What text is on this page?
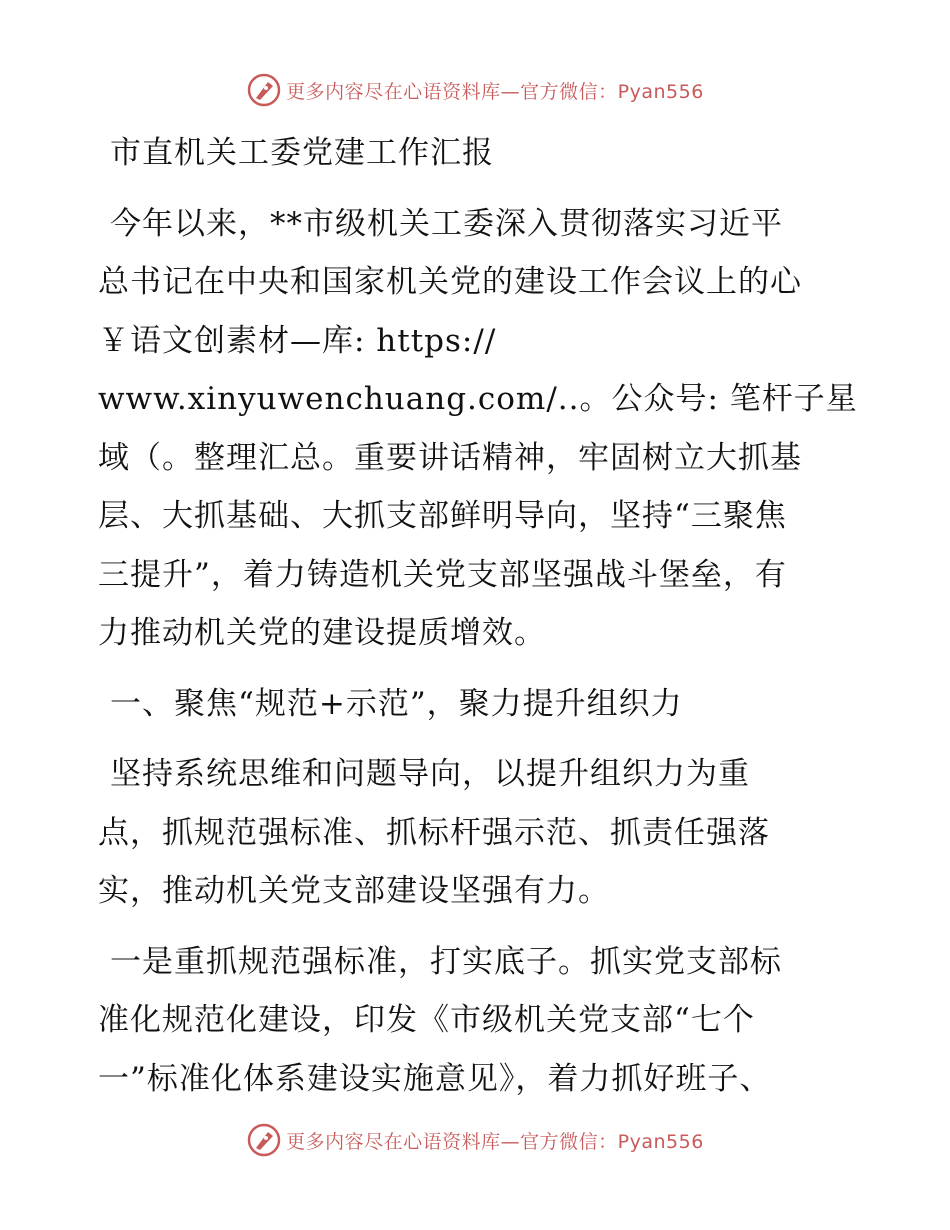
更多内容尽在心语资料库—官方微信：Pyan556

市直机关工委党建工作汇报

今年以来，**市级机关工委深入贯彻落实习近平

总书记在中央和国家机关党的建设工作会议上的心

￥语文创素材—库: https://

www.xinyuwenchuang.com/..。公众号: 笔杆子星

域（。整理汇总。重要讲话精神，牢固树立大抓基

层、大抓基础、大抓支部鲜明导向，坚持“三聚焦

三提升”，着力铸造机关党支部坚强战斗堡垒，有

力推动机关党的建设提质增效。

一、聚焦“规范+示范”，聚力提升组织力

坚持系统思维和问题导向，以提升组织力为重

点，抓规范强标准、抓标杆强示范、抓责任强落

实，推动机关党支部建设坚强有力。

一是重抓规范强标准，打实底子。抓实党支部标

准化规范化建设，印发《市级机关党支部“七个

一”标准化体系建设实施意见》，着力抓好班子、

更多内容尽在心语资料库—官方微信：Pyan556
